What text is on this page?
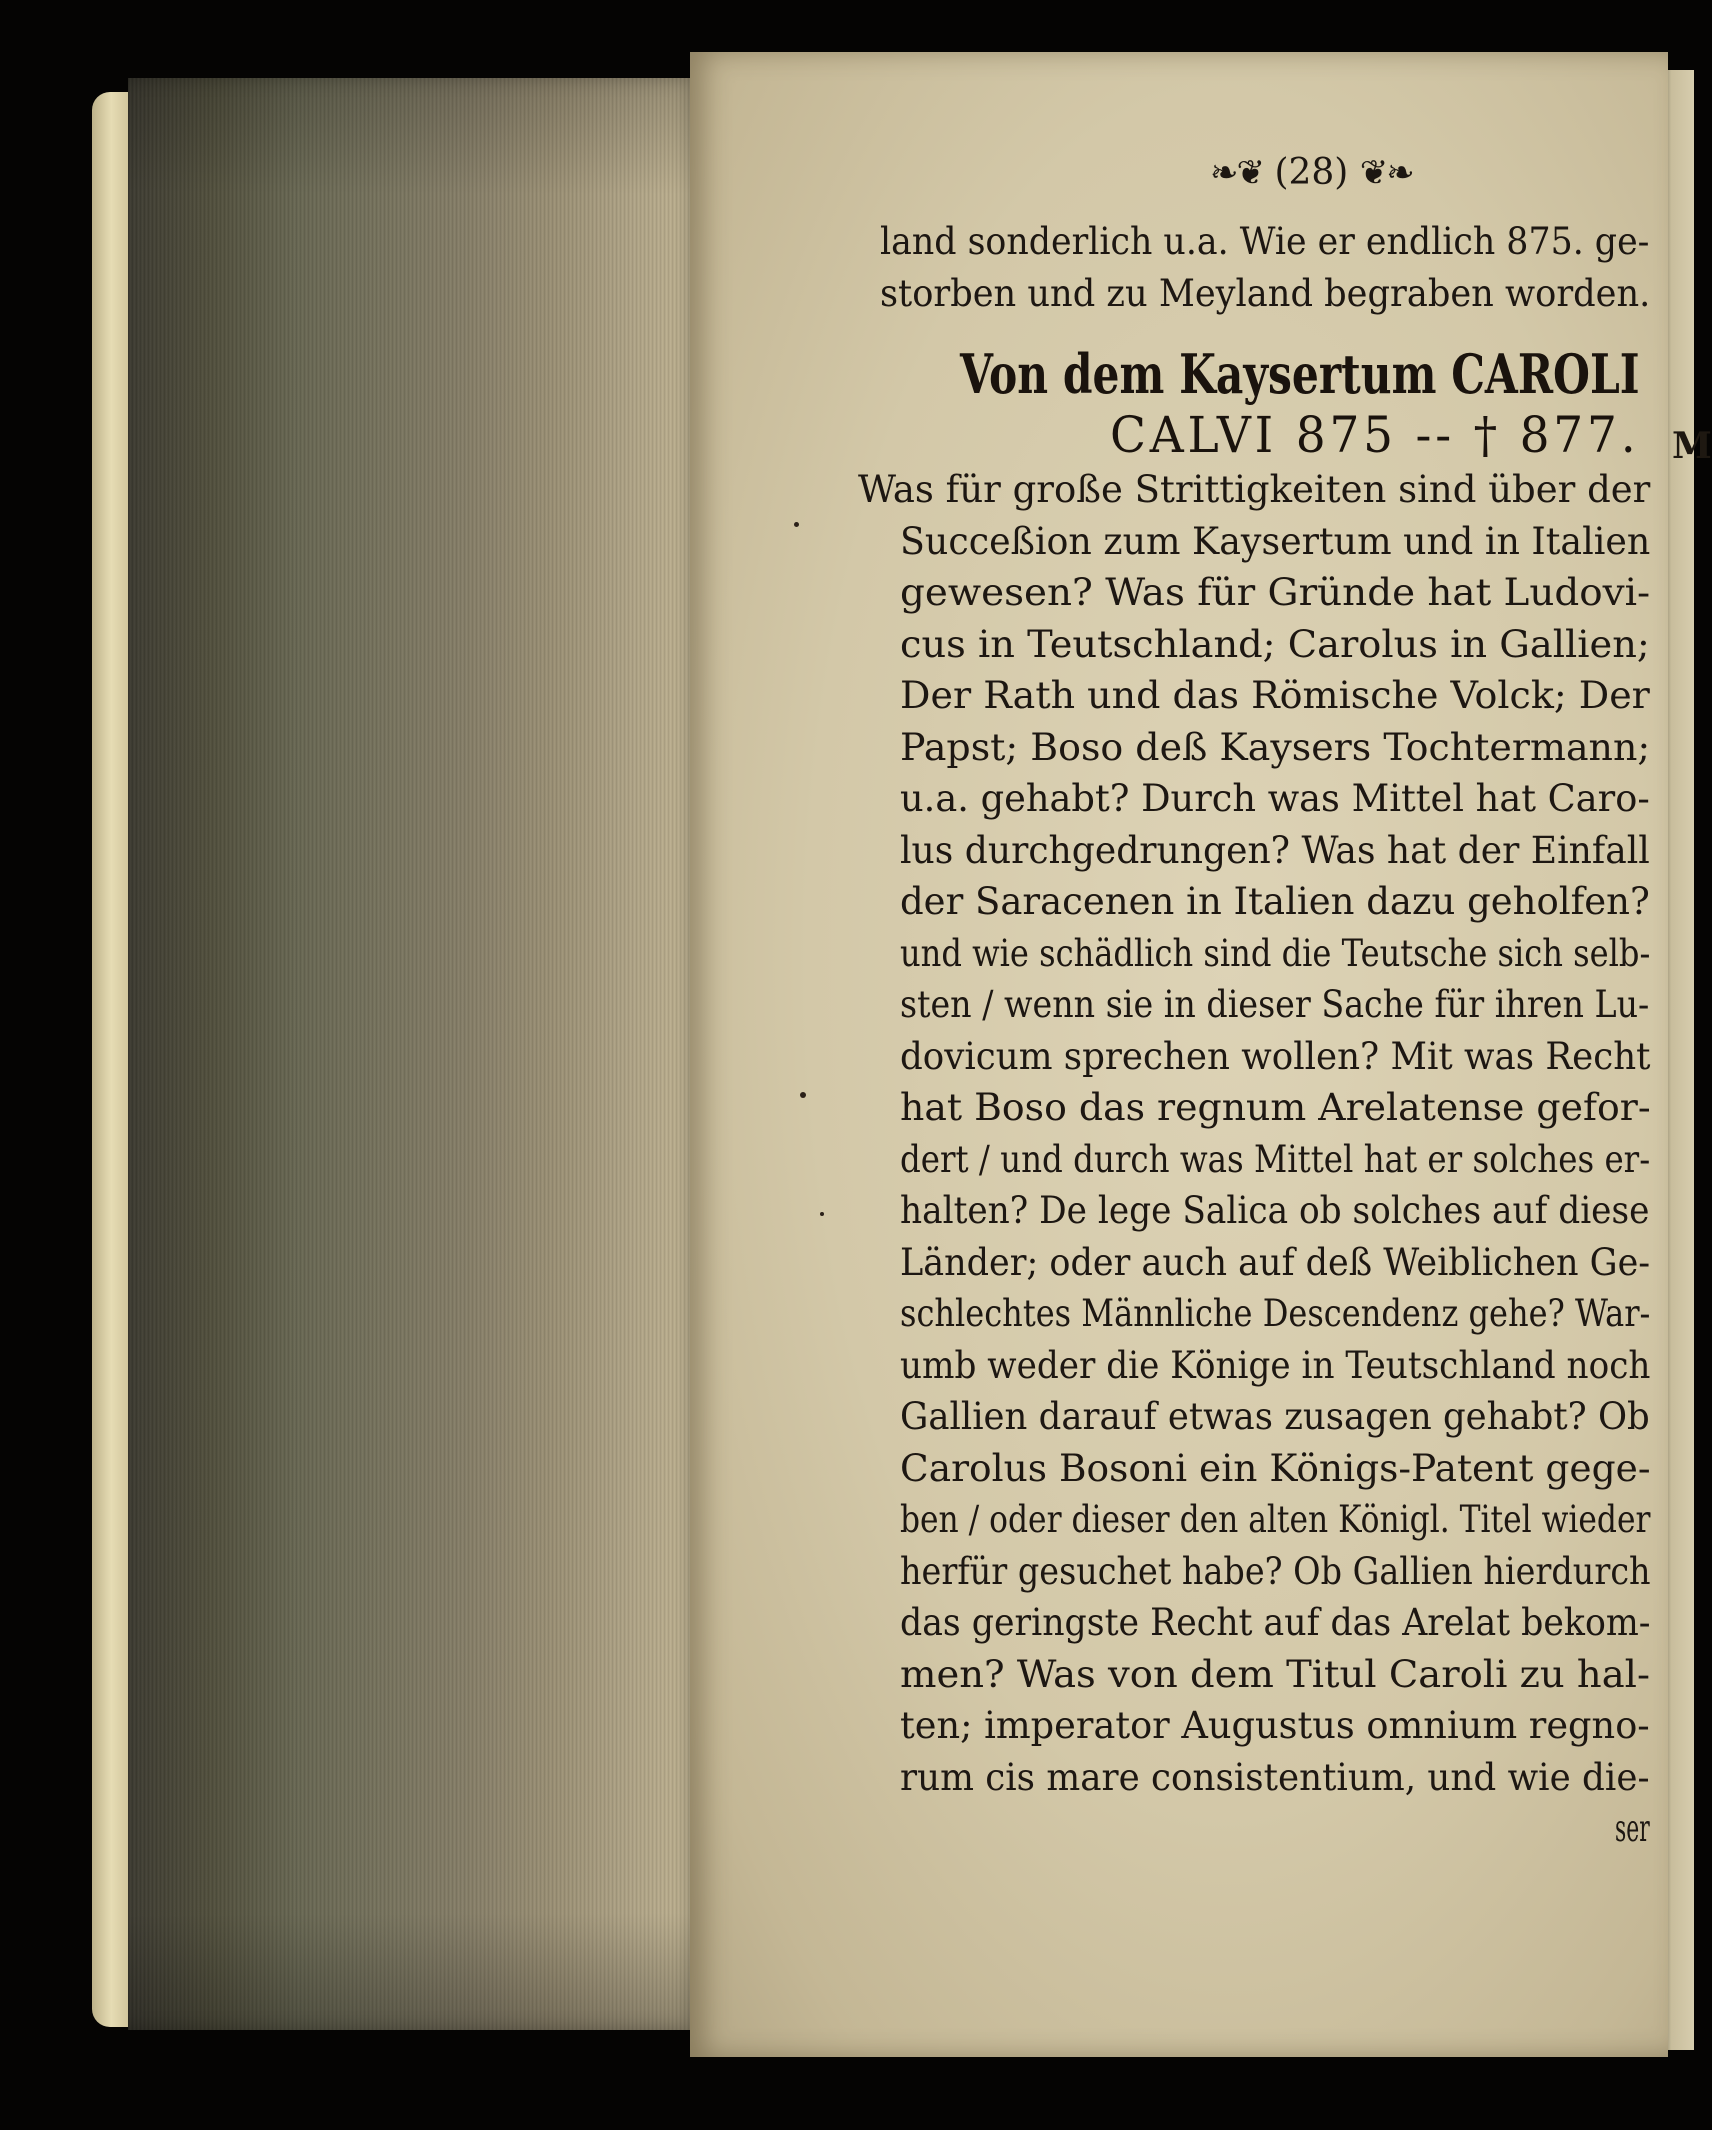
M
❧❦ (28) ❦❧
land sonderlich u.a. Wie er endlich 875. ge-
storben und zu Meyland begraben worden.
Von dem Kaysertum CAROLI
CALVI 875 -- † 877.
Was für große Strittigkeiten sind über der
Succeßion zum Kaysertum und in Italien
gewesen? Was für Gründe hat Ludovi-
cus in Teutschland; Carolus in Gallien;
Der Rath und das Römische Volck; Der
Papst; Boso deß Kaysers Tochtermann;
u.a. gehabt? Durch was Mittel hat Caro-
lus durchgedrungen? Was hat der Einfall
der Saracenen in Italien dazu geholfen?
und wie schädlich sind die Teutsche sich selb-
sten / wenn sie in dieser Sache für ihren Lu-
dovicum sprechen wollen? Mit was Recht
hat Boso das regnum Arelatense gefor-
dert / und durch was Mittel hat er solches er-
halten? De lege Salica ob solches auf diese
Länder; oder auch auf deß Weiblichen Ge-
schlechtes Männliche Descendenz gehe? War-
umb weder die Könige in Teutschland noch
Gallien darauf etwas zusagen gehabt? Ob
Carolus Bosoni ein Königs-Patent gege-
ben / oder dieser den alten Königl. Titel wieder
herfür gesuchet habe? Ob Gallien hierdurch
das geringste Recht auf das Arelat bekom-
men? Was von dem Titul Caroli zu hal-
ten; imperator Augustus omnium regno-
rum cis mare consistentium, und wie die-
ser
